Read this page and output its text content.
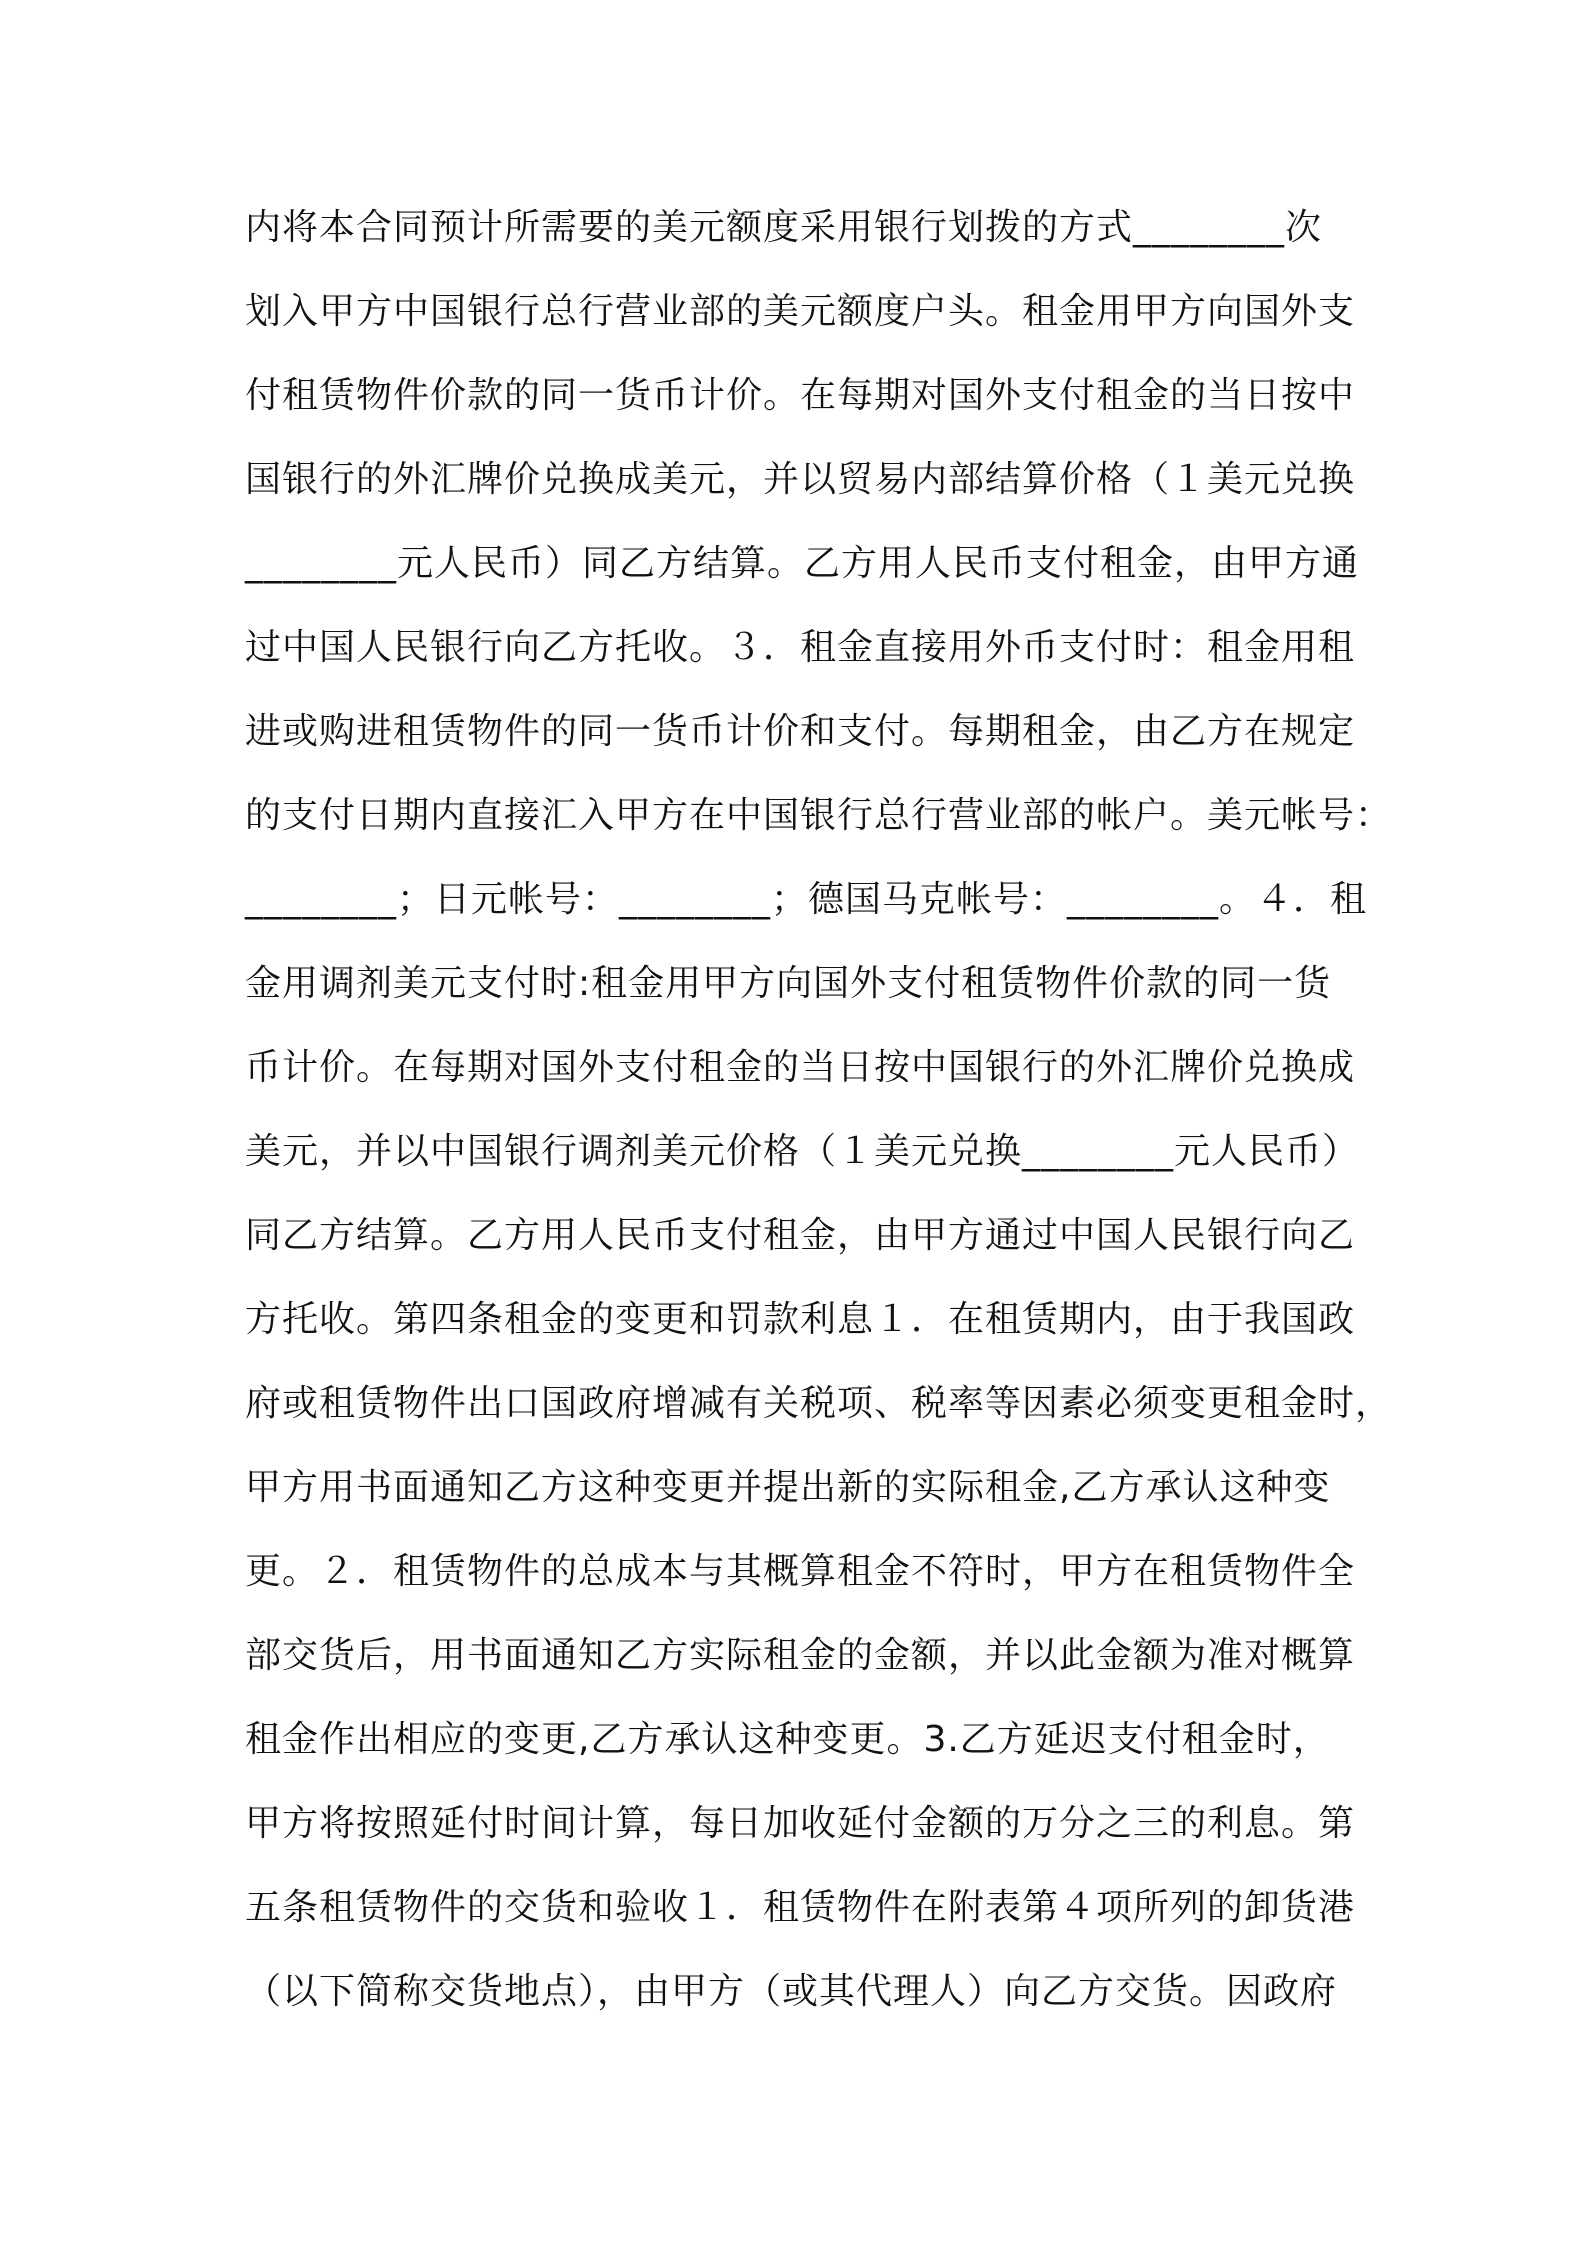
内将本合同预计所需要的美元额度采用银行划拨的方式________次
划入甲方中国银行总行营业部的美元额度户头。租金用甲方向国外支
付租赁物件价款的同一货币计价。在每期对国外支付租金的当日按中
国银行的外汇牌价兑换成美元，并以贸易内部结算价格（１美元兑换
________元人民币）同乙方结算。乙方用人民币支付租金，由甲方通
过中国人民银行向乙方托收。３．租金直接用外币支付时：租金用租
进或购进租赁物件的同一货币计价和支付。每期租金，由乙方在规定
的支付日期内直接汇入甲方在中国银行总行营业部的帐户。美元帐号：
________；日元帐号：________；德国马克帐号：________。４．租
金用调剂美元支付时:租金用甲方向国外支付租赁物件价款的同一货
币计价。在每期对国外支付租金的当日按中国银行的外汇牌价兑换成
美元，并以中国银行调剂美元价格（１美元兑换________元人民币）
同乙方结算。乙方用人民币支付租金，由甲方通过中国人民银行向乙
方托收。第四条租金的变更和罚款利息１．在租赁期内，由于我国政
府或租赁物件出口国政府增减有关税项、税率等因素必须变更租金时，
甲方用书面通知乙方这种变更并提出新的实际租金,乙方承认这种变
更。２．租赁物件的总成本与其概算租金不符时，甲方在租赁物件全
部交货后，用书面通知乙方实际租金的金额，并以此金额为准对概算
租金作出相应的变更,乙方承认这种变更。3.乙方延迟支付租金时，
甲方将按照延付时间计算，每日加收延付金额的万分之三的利息。第
五条租赁物件的交货和验收１．租赁物件在附表第４项所列的卸货港
（以下简称交货地点），由甲方（或其代理人）向乙方交货。因政府
